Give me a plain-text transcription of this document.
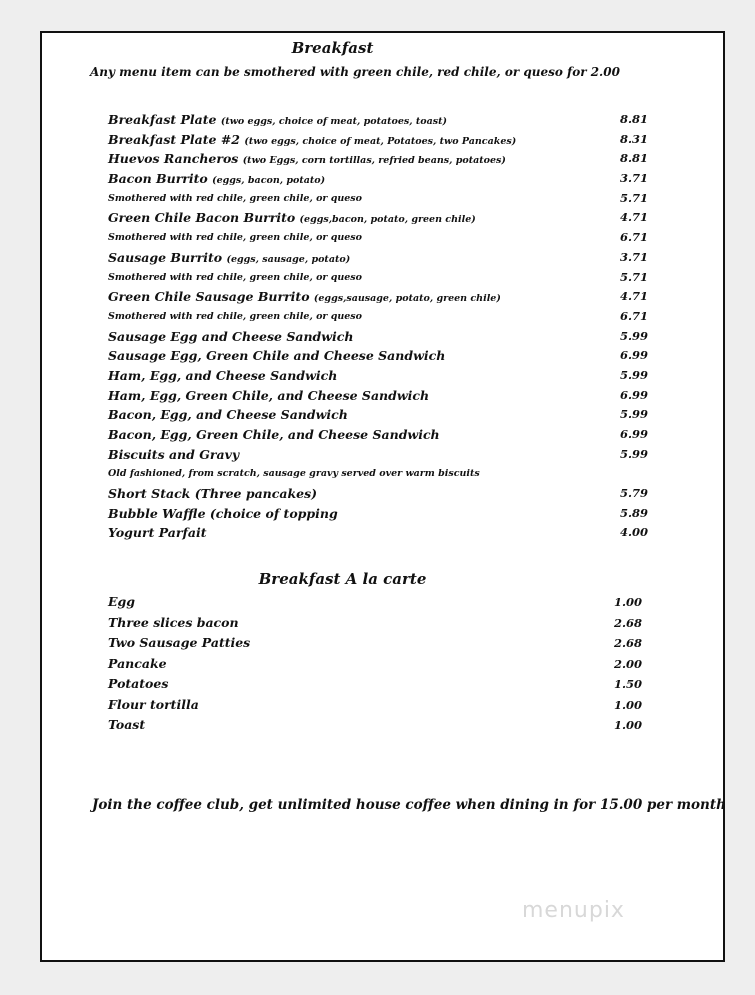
Breakfast
Any menu item can be smothered with green chile, red chile, or queso for 2.00
Breakfast Plate (two eggs, choice of meat, potatoes, toast)	8.81
Breakfast Plate #2 (two eggs, choice of meat, Potatoes, two Pancakes)	8.31
Huevos Rancheros (two Eggs, corn tortillas, refried beans, potatoes)	8.81
Bacon Burrito (eggs, bacon, potato)	3.71
Smothered with red chile, green chile, or queso	5.71
Green Chile Bacon Burrito (eggs,bacon, potato, green chile)	4.71
Smothered with red chile, green chile, or queso	6.71
Sausage Burrito (eggs, sausage, potato)	3.71
Smothered with red chile, green chile, or queso	5.71
Green Chile Sausage Burrito (eggs,sausage, potato, green chile)	4.71
Smothered with red chile, green chile, or queso	6.71
Sausage Egg and Cheese Sandwich	5.99
Sausage Egg, Green Chile and Cheese Sandwich	6.99
Ham, Egg, and Cheese Sandwich	5.99
Ham, Egg, Green Chile, and Cheese Sandwich	6.99
Bacon, Egg, and Cheese Sandwich	5.99
Bacon, Egg, Green Chile, and Cheese Sandwich	6.99
Biscuits and Gravy	5.99
Old fashioned, from scratch, sausage gravy served over warm biscuits
Short Stack (Three pancakes)	5.79
Bubble Waffle (choice of topping	5.89
Yogurt Parfait	4.00
Breakfast A la carte
Egg	1.00
Three slices bacon	2.68
Two Sausage Patties	2.68
Pancake	2.00
Potatoes	1.50
Flour tortilla	1.00
Toast	1.00
Join the coffee club, get unlimited house coffee when dining in for 15.00 per month
menupix
